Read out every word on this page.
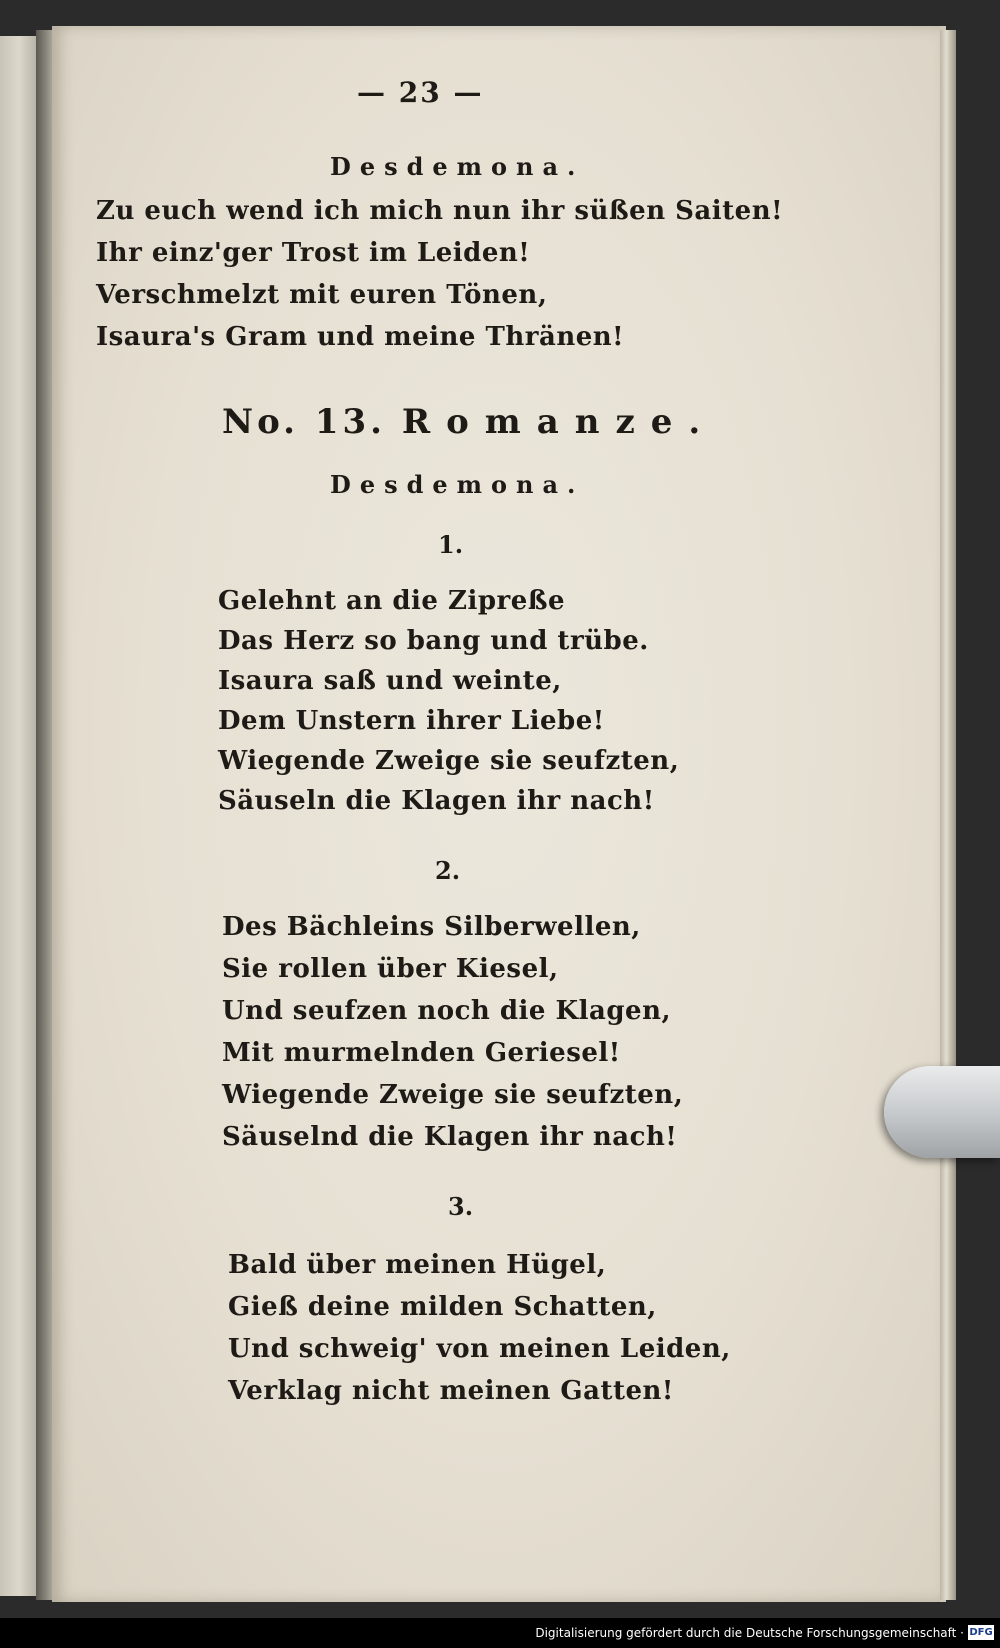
— 23 —
Desdemona.
Zu euch wend ich mich nun ihr süßen Saiten!
Ihr einz'ger Trost im Leiden!
Verschmelzt mit euren Tönen,
Isaura's Gram und meine Thränen!
No. 13. Romanze.
Desdemona.
1.
Gelehnt an die Zipreße
Das Herz so bang und trübe.
Isaura saß und weinte,
Dem Unstern ihrer Liebe!
Wiegende Zweige sie seufzten,
Säuseln die Klagen ihr nach!
2.
Des Bächleins Silberwellen,
Sie rollen über Kiesel,
Und seufzen noch die Klagen,
Mit murmelnden Geriesel!
Wiegende Zweige sie seufzten,
Säuselnd die Klagen ihr nach!
3.
Bald über meinen Hügel,
Gieß deine milden Schatten,
Und schweig' von meinen Leiden,
Verklag nicht meinen Gatten!
Digitalisierung gefördert durch die Deutsche Forschungsgemeinschaft · DFG
